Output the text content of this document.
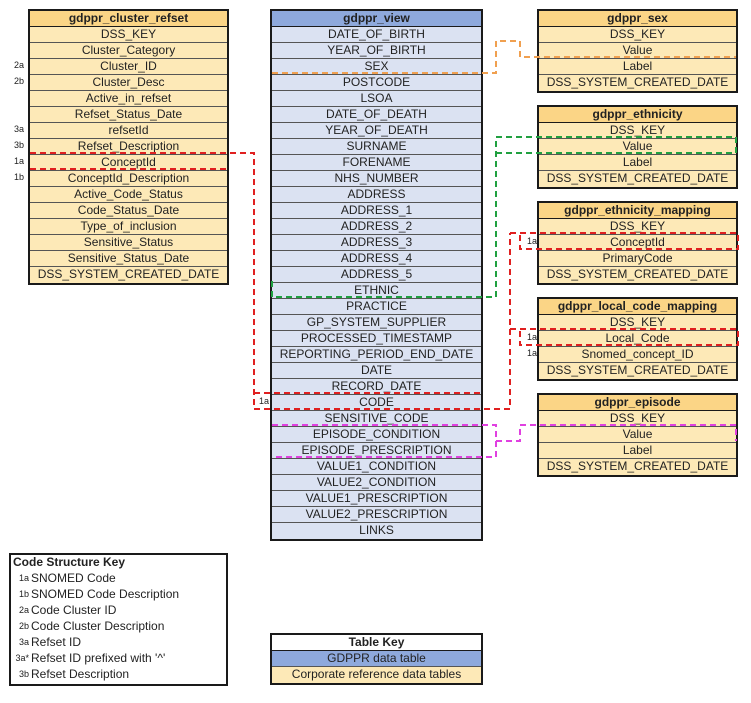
gdppr_cluster_refset
DSS_KEY
Cluster_Category
Cluster_ID
Cluster_Desc
Active_in_refset
Refset_Status_Date
refsetId
Refset_Description
ConceptId
ConceptId_Description
Active_Code_Status
Code_Status_Date
Type_of_inclusion
Sensitive_Status
Sensitive_Status_Date
DSS_SYSTEM_CREATED_DATE
2a
2b
3a
3b
1a
1b
gdppr_view
DATE_OF_BIRTH
YEAR_OF_BIRTH
SEX
POSTCODE
LSOA
DATE_OF_DEATH
YEAR_OF_DEATH
SURNAME
FORENAME
NHS_NUMBER
ADDRESS
ADDRESS_1
ADDRESS_2
ADDRESS_3
ADDRESS_4
ADDRESS_5
ETHNIC
PRACTICE
GP_SYSTEM_SUPPLIER
PROCESSED_TIMESTAMP
REPORTING_PERIOD_END_DATE
DATE
RECORD_DATE
CODE
SENSITIVE_CODE
EPISODE_CONDITION
EPISODE_PRESCRIPTION
VALUE1_CONDITION
VALUE2_CONDITION
VALUE1_PRESCRIPTION
VALUE2_PRESCRIPTION
LINKS
1a
gdppr_sex
DSS_KEY
Value
Label
DSS_SYSTEM_CREATED_DATE
gdppr_ethnicity
DSS_KEY
Value
Label
DSS_SYSTEM_CREATED_DATE
gdppr_ethnicity_mapping
DSS_KEY
ConceptId
PrimaryCode
DSS_SYSTEM_CREATED_DATE
1a
gdppr_local_code_mapping
DSS_KEY
Local_Code
Snomed_concept_ID
DSS_SYSTEM_CREATED_DATE
1a
1a
gdppr_episode
DSS_KEY
Value
Label
DSS_SYSTEM_CREATED_DATE
Code Structure Key
1a SNOMED Code
1b SNOMED Code Description
2a Code Cluster ID
2b Code Cluster Description
3a Refset ID
3a* Refset ID prefixed with '^'
3b Refset Description
Table Key
GDPPR data table
Corporate reference data tables
